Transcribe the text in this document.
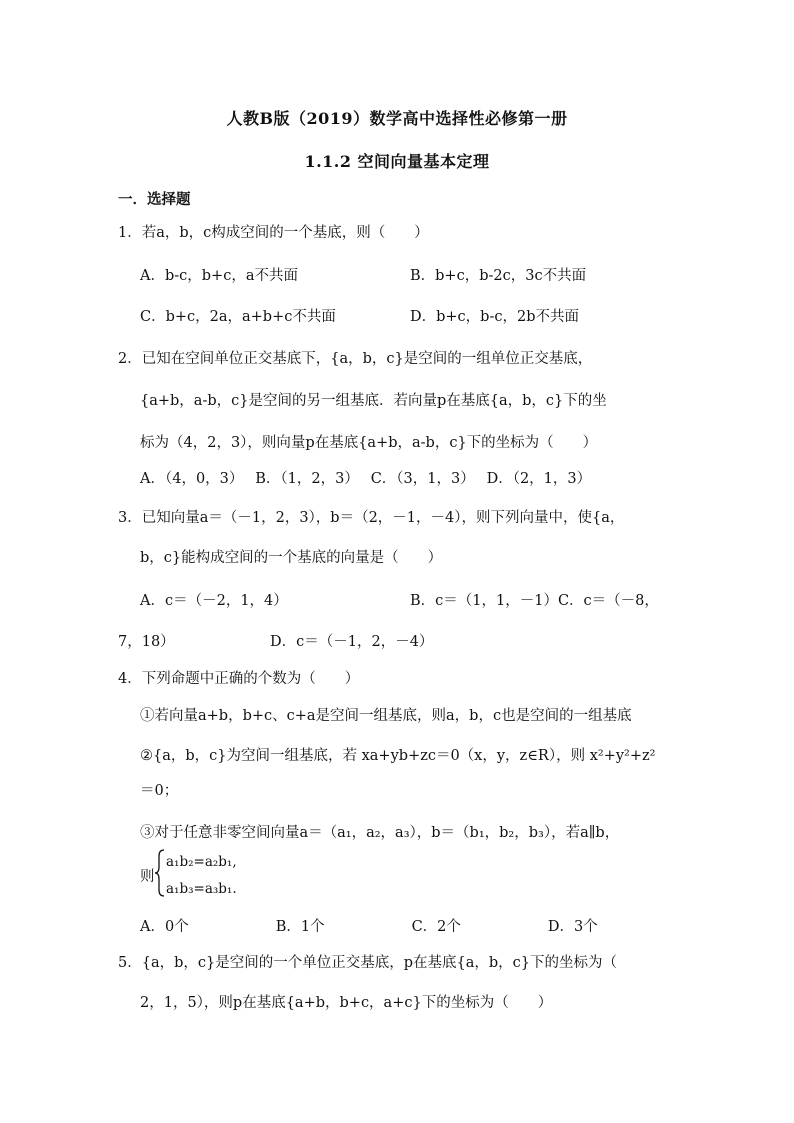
人教B版（2019）数学高中选择性必修第一册
1.1.2 空间向量基本定理
一．选择题
1．若a，b，c构成空间的一个基底，则（　　）
A．b-c，b+c，a不共面	B．b+c，b-2c，3c不共面
C．b+c，2a，a+b+c不共面	D．b+c，b-c，2b不共面
2．已知在空间单位正交基底下，{a，b，c}是空间的一组单位正交基底，
{a+b，a-b，c}是空间的另一组基底．若向量p在基底{a，b，c}下的坐
标为（4，2，3），则向量p在基底{a+b，a-b，c}下的坐标为（　　）
A．（4，0，3）　 B．（1，2，3）　 C．（3，1，3）　 D．（2，1，3）
3．已知向量a＝（－1，2，3），b＝（2，－1，－4），则下列向量中，使{a，
b，c}能构成空间的一个基底的向量是（　　）
A．c＝（－2，1，4）	B．c＝（1，1，－1）C．c＝（－8，
7，18）	D．c＝（－1，2，－4）
4．下列命题中正确的个数为（　　）
①若向量a+b，b+c、c+a是空间一组基底，则a，b，c也是空间的一组基底
②{a，b，c}为空间一组基底，若 xa+yb+zc＝0（x，y，z∈R），则 x²+y²+z²
＝0；
③对于任意非零空间向量a＝（a₁，a₂，a₃），b＝（b₁，b₂，b₃），若a∥b，
则
a₁b₂=a₂b₁,
a₁b₃=a₃b₁.
A．0个　　　　　　B．1个　　　　　　C．2个　　　　　　D．3个
5．{a，b，c}是空间的一个单位正交基底，p在基底{a，b，c}下的坐标为（
2，1，5），则p在基底{a+b，b+c，a+c}下的坐标为（　　）
